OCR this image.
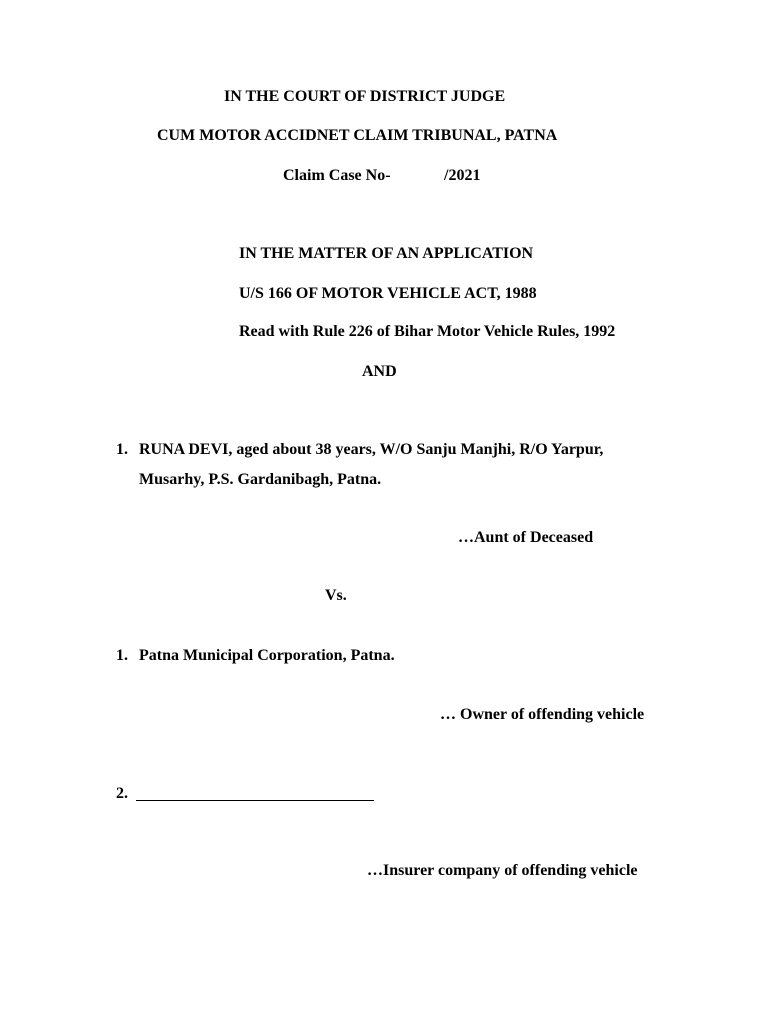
IN THE COURT OF DISTRICT JUDGE
CUM MOTOR ACCIDNET CLAIM TRIBUNAL, PATNA
Claim Case No-	/2021
IN THE MATTER OF AN APPLICATION
U/S 166 OF MOTOR VEHICLE ACT, 1988
Read with Rule 226 of Bihar Motor Vehicle Rules, 1992
AND
1. RUNA DEVI, aged about 38 years, W/O Sanju Manjhi, R/O Yarpur,
Musarhy, P.S. Gardanibagh, Patna.
…Aunt of Deceased
Vs.
1. Patna Municipal Corporation, Patna.
… Owner of offending vehicle
2.
…Insurer company of offending vehicle
